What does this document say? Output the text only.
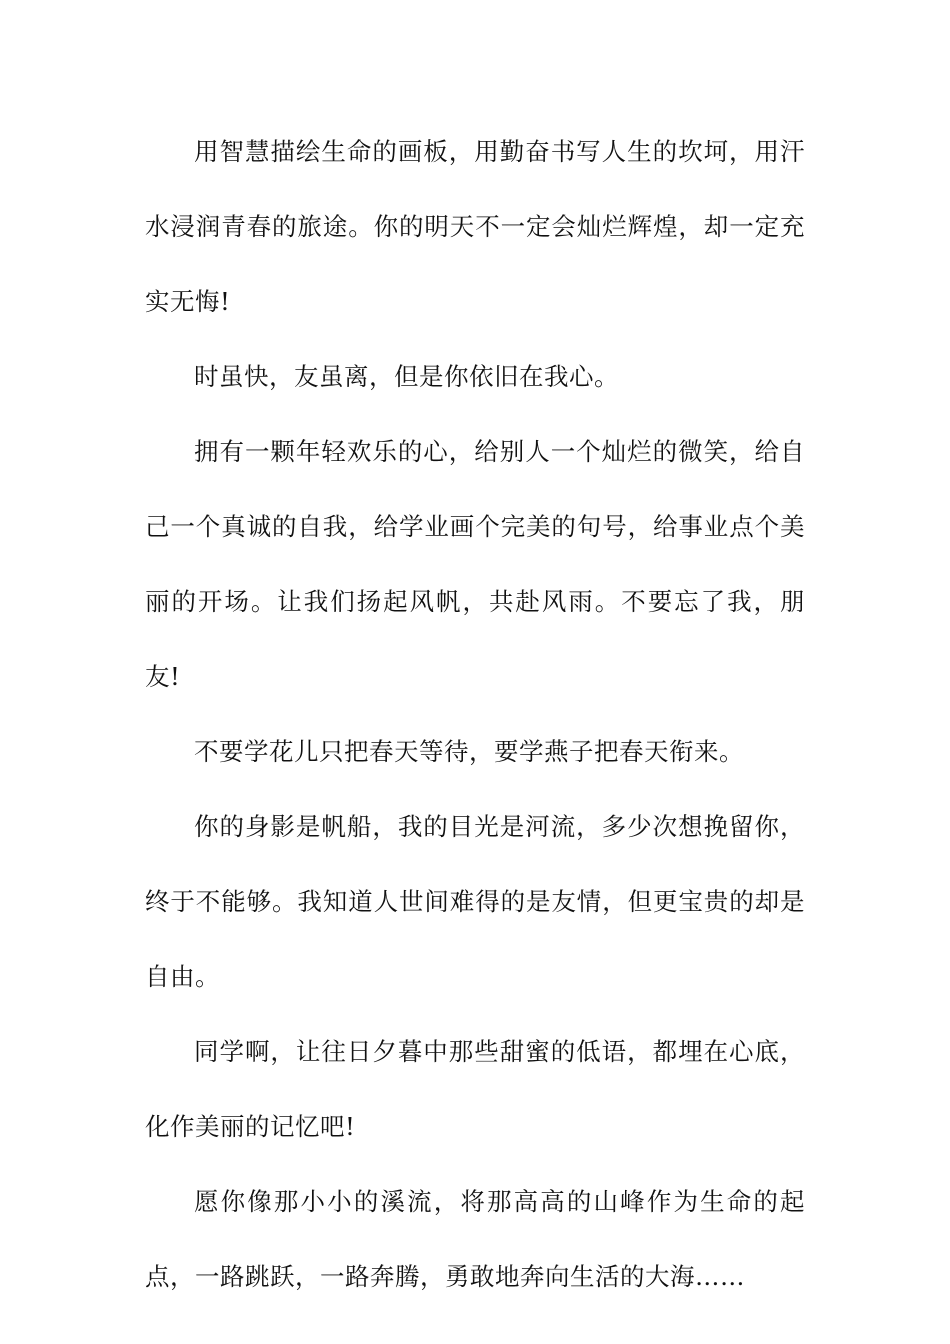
用智慧描绘生命的画板，用勤奋书写人生的坎坷，用汗水浸润青春的旅途。你的明天不一定会灿烂辉煌，却一定充实无悔!

时虽快，友虽离，但是你依旧在我心。

拥有一颗年轻欢乐的心，给别人一个灿烂的微笑，给自己一个真诚的自我，给学业画个完美的句号，给事业点个美丽的开场。让我们扬起风帆，共赴风雨。不要忘了我，朋友!

不要学花儿只把春天等待，要学燕子把春天衔来。

你的身影是帆船，我的目光是河流，多少次想挽留你，终于不能够。我知道人世间难得的是友情，但更宝贵的却是自由。

同学啊，让往日夕暮中那些甜蜜的低语，都埋在心底，化作美丽的记忆吧!

愿你像那小小的溪流，将那高高的山峰作为生命的起点，一路跳跃，一路奔腾，勇敢地奔向生活的大海……
